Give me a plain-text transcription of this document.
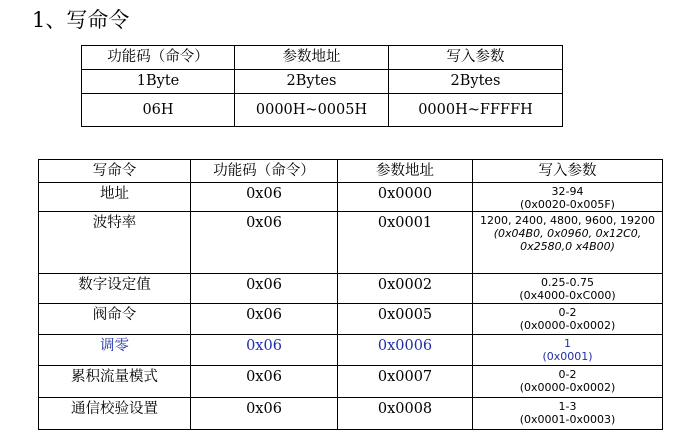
1、写命令
功能码（命令）	参数地址	写入参数
1Byte	2Bytes	2Bytes
06H	0000H~0005H	0000H~FFFFH
写命令	功能码（命令）	参数地址	写入参数
地址	0x06	0x0000	32-94
(0x0020-0x005F)

波特率	0x06	0x0001	1200, 2400, 4800, 9600, 19200
(0x04B0, 0x0960, 0x12C0, 0x2580,0 x4B00)

数字设定值	0x06	0x0002	0.25-0.75
(0x4000-0xC000)

阀命令	0x06	0x0005	0-2
(0x0000-0x0002)

调零	0x06	0x0006	1
(0x0001)

累积流量模式	0x06	0x0007	0-2
(0x0000-0x0002)

通信校验设置	0x06	0x0008	1-3
(0x0001-0x0003)
